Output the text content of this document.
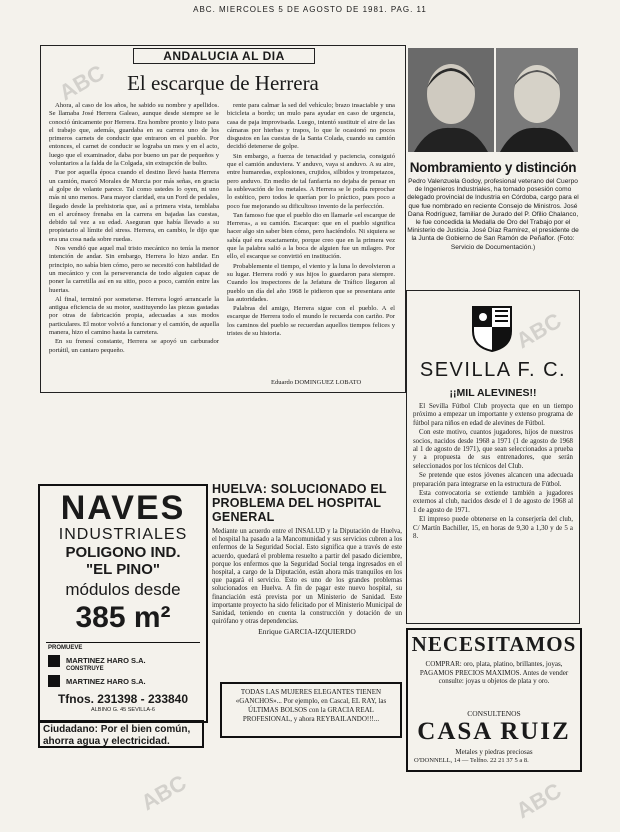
ABC. MIERCOLES 5 DE AGOSTO DE 1981. PAG. 11
ABC
ABC
ABC	ABC
ANDALUCIA AL DIA
El escarque de Herrera

Ahora, al caso de los años, he sabido su nombre y apellidos. Se llamaba José Herrera Galeao, aunque desde siempre se le conoció únicamente por Herrera. Era hombre pronto y listo para el trabajo que, además, guardaba en su carrera uno de los primeros carnets de conducir que entraron en el pueblo. Por entonces, el carnet de conducir se lograba un mes y en el acto, luego que el examinador, daba por bueno un par de pequeños y voluntarios a la falda de la Colgada, sin extrapción de bulto.

Fue por aquella época cuando el destino llevó hasta Herrera un camión, marcó Morales de Murcia por más señas, en gracia al golpe de volante parece. Tal como ustedes lo oyen, ni uno más ni uno menos. Para mayor claridad, era un Ford de pedales, llegado desde la prehistoria que, así a primera vista, temblaba en el arcénsoy frenaba en la carrera en bajadas las cuestas, debido tal vez a su edad. Aseguran que había llevado a su propietario al límite del stress. Herrera, en cambio, le dijo que era una cosa nada sobre ruedas.

Nos vendió que aquel mal tristo mecánico no tenía la menor intención de andar. Sin embargo, Herrera lo hizo andar. En principio, no sabía bien cómo, pero se necesitó con habilidad de un mecánico y con la perseverancia de todo alguien capaz de poner la carretilla así en su sitio, poco a poco, camión entre las huertas.

Al final, terminó por someterse. Herrera logró arrancarle la antigua eficiencia de su motor, sustituyendo las piezas gastadas por otras de fabricación propia, adecuadas a sus modos particulares. El motor volvió a funcionar y el camión, de aquella manera, hizo el camino hasta la carretera.

En su frenesí constante, Herrera se apoyó un carburador portátil, un cantaro pequeño.

rente para calmar la sed del vehículo; brazo insaciable y una bicicleta a bordo; un mulo para ayudar en caso de urgencia, casa de paja improvisada. Luego, intentó sustituir el aire de las cámaras por hierbas y trapos, lo que le ocasionó no pocos disgustos en las cuestas de la Santa Colada, cuando su camión decidió detenerse de golpe.

Sin embargo, a fuerza de tenacidad y paciencia, consiguió que el camión anduviera. Y anduvo, vaya si anduvo. A su aire, entre humaredas, explosiones, crujidos, silbidos y trompetazos, pero anduvo. En medio de tal fanfarria no dejaba de pensar en la sublevación de los metales. A Herrera se le podía reprochar lo estético, pero todos le querían por lo práctico, pues poco a poco fue mejorando su dificultoso invento de la perfección.

Tan famoso fue que el pueblo dio en llamarle «el escarque de Herrera», a su camión. Escarque: que en el pueblo significa hacer algo sin saber bien cómo, pero haciéndolo. Ni siquiera se sabía qué era exactamente, porque creo que en la primera vez que la palabra salió a la boca de alguien fue un milagro. Por ello, el escarque se convirtió en institución.

Probablemente el tiempo, el viento y la luna lo devolvieron a su lugar. Herrera rodó y sus hijos lo guardaron para siempre. Cuando los inspectores de la Jefatura de Tráfico llegaron al pueblo un día del año 1968 le pidieron que se presentara ante las autoridades.

Palabras del amigo, Herrera sigue con el pueblo. A el escarque de Herrera todo el mundo le recuerda con cariño. Por los caminos del pueblo se recuerdan aquellos tiempos felices y tristes de su historia.

Eduardo DOMINGUEZ LOBATO
Nombramiento y distinción
Pedro Valenzuela Godoy, profesional veterano del Cuerpo de Ingenieros Industriales, ha tomado posesión como delegado provincial de Industria en Córdoba, cargo para el que fue nombrado en reciente Consejo de Ministros. José Dana Rodríguez, familiar de Jurado del P. Ofilio Chalanco, le fue concedida la Medalla de Oro del Trabajo por el Ministerio de Justicia. José Díaz Ramírez, el presidente de la Junta de Gobierno de San Ramón de Peñaflor. (Foto: Servicio de Documentación.)
SEVILLA F. C.
¡¡MIL ALEVINES!!

El Sevilla Fútbol Club proyecta que en un tiempo próximo a empezar un importante y extenso programa de fútbol para niños en edad de alevines de Fútbol.

Con este motivo, cuantos jugadores, hijos de nuestros socios, nacidos desde 1968 a 1971 (1 de agosto de 1968 al 1 de agosto de 1971), que sean seleccionados a prueba y a propuesta de sus entrenadores, que serán seleccionados por los técnicos del Club.

Se pretende que estos jóvenes alcancen una adecuada preparación para integrarse en la estructura de Fútbol.

Esta convocatoria se extiende también a jugadores externos al club, nacidos desde el 1 de agosto de 1968 al 1 de agosto de 1971.

El impreso puede obtenerse en la conserjería del club, C/ Martín Bachiller, 15, en horas de 9,30 a 1,30 y de 5 a 8.

NAVES
INDUSTRIALES
POLIGONO IND.
"EL PINO"
módulos desde
385 m²
PROMUEVE
MARTINEZ HARO S.A.
CONSTRUYE
MARTINEZ HARO S.A.
Tfnos. 231398 - 233840
ALBINO G. 45 SEVILLA-6
Ciudadano: Por el bien común, ahorra agua y electricidad.
HUELVA: SOLUCIONADO EL PROBLEMA DEL HOSPITAL GENERAL
Mediante un acuerdo entre el INSALUD y la Diputación de Huelva, el hospital ha pasado a la Mancomunidad y sus servicios cubren a los enfermos de la Seguridad Social. Esto significa que a través de este acuerdo, quedará el problema resuelto a partir del pasado diciembre, porque los enfermos que la Seguridad Social tenga ingresados en el hospital, a cargo de la Diputación, están ahora más tranquilos en los que pagará el servicio. Esto es uno de los grandes problemas solucionados en Huelva. A fin de pagar este nuevo hospital, su financiación está prevista por un Ministerio de Sanidad. Este importante proyecto ha sido felicitado por el Ministerio Municipal de Sanidad, teniendo en cuenta la construcción y dotación de un quirófano y otras dependencias.
Enrique GARCIA-IZQUIERDO
TODAS LAS MUJERES ELEGANTES TIENEN «GANCHOS»... Por ejemplo, en Cascal, EL RAY, las ÚLTIMAS BOLSOS con la GRACIA REAL PROFESIONAL, y ahora REYBAILANDO!!!...
NECESITAMOS
COMPRAR: oro, plata, platino, brillantes, joyas, PAGAMOS PRECIOS MAXIMOS. Antes de vender consulte: joyas u objetos de plata y oro.
CONSULTENOS
CASA RUIZ
Metales y piedras preciosas
O'DONNELL, 14 — Telfno. 22 21 37 5 a 8.
